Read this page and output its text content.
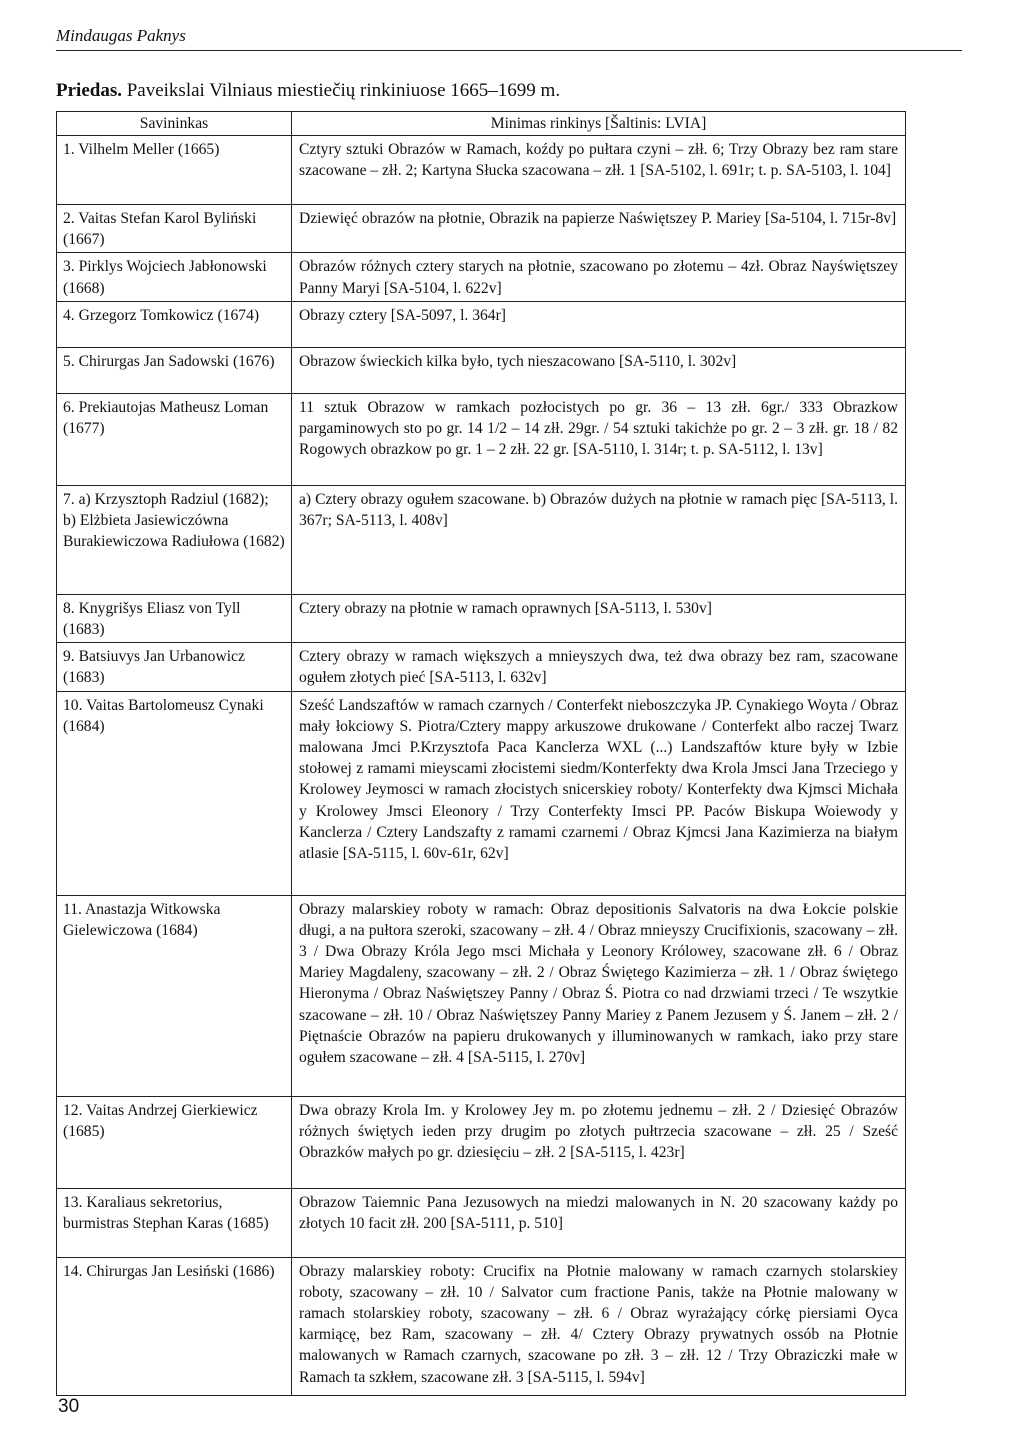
Mindaugas Paknys
Priedas. Paveikslai Vilniaus miestiečių rinkiniuose 1665–1699 m.
Savininkas	Minimas rinkinys [Šaltinis: LVIA]
1. Vilhelm Meller (1665)	Cztyry sztuki Obrazów w Ramach, koźdy po pułtara czyni – złł. 6; Trzy Obrazy bez ram stare szacowane – złł. 2; Kartyna Słucka szacowana – złł. 1 [SA-5102, l. 691r; t. p. SA-5103, l. 104]
2. Vaitas Stefan Karol Byliński (1667)	Dziewięć obrazów na płotnie, Obrazik na papierze Naświętszey P. Mariey [Sa-5104, l. 715r-8v]
3. Pirklys Wojciech Jabłonowski (1668)	Obrazów różnych cztery starych na płotnie, szacowano po złotemu – 4zł. Obraz Nayświętszey Panny Maryi [SA-5104, l. 622v]
4. Grzegorz Tomkowicz (1674)	Obrazy cztery [SA-5097, l. 364r]
5. Chirurgas Jan Sadowski (1676)	Obrazow świeckich kilka było, tych nieszacowano [SA-5110, l. 302v]
6. Prekiautojas Matheusz Loman (1677)	11 sztuk Obrazow w ramkach pozłocistych po gr. 36 – 13 złł. 6gr./ 333 Obrazkow pargaminowych sto po gr. 14 1/2 – 14 złł. 29gr. / 54 sztuki takichże po gr. 2 – 3 złł. gr. 18 / 82 Rogowych obrazkow po gr. 1 – 2 złł. 22 gr. [SA-5110, l. 314r; t. p. SA-5112, l. 13v]
7. a) Krzysztoph Radziul (1682); b) Elżbieta Jasiewiczówna Burakiewiczowa Radiułowa (1682)	a) Cztery obrazy ogułem szacowane. b) Obrazów dużych na płotnie w ramach pięc [SA-5113, l. 367r; SA-5113, l. 408v]
8. Knygrišys Eliasz von Tyll (1683)	Cztery obrazy na płotnie w ramach oprawnych [SA-5113, l. 530v]
9. Batsiuvys Jan Urbanowicz (1683)	Cztery obrazy w ramach większych a mnieyszych dwa, też dwa obrazy bez ram, szacowane ogułem złotych pieć [SA-5113, l. 632v]
10. Vaitas Bartolomeusz Cynaki (1684)	Sześć Landszaftów w ramach czarnych / Conterfekt nieboszczyka JP. Cynakiego Woyta / Obraz mały łokciowy S. Piotra/Cztery mappy arkuszowe drukowane / Conterfekt albo raczej Twarz malowana Jmci P.Krzysztofa Paca Kanclerza WXL (...) Landszaftów kture były w Izbie stołowej z ramami mieyscami złocistemi siedm/Konterfekty dwa Krola Jmsci Jana Trzeciego y Krolowey Jeymosci w ramach złocistych snicerskiey roboty/ Konterfekty dwa Kjmsci Michała y Krolowey Jmsci Eleonory / Trzy Conterfekty Imsci PP. Paców Biskupa Woiewody y Kanclerza / Cztery Landszafty z ramami czarnemi / Obraz Kjmcsi Jana Kazimierza na białym atlasie [SA-5115, l. 60v-61r, 62v]
11. Anastazja Witkowska Gielewiczowa (1684)	Obrazy malarskiey roboty w ramach: Obraz depositionis Salvatoris na dwa Łokcie polskie długi, a na pułtora szeroki, szacowany – złł. 4 / Obraz mnieyszy Crucifixionis, szacowany – złł. 3 / Dwa Obrazy Króla Jego msci Michała y Leonory Królowey, szacowane złł. 6 / Obraz Mariey Magdaleny, szacowany – złł. 2 / Obraz Świętego Kazimierza – złł. 1 / Obraz świętego Hieronyma / Obraz Naświętszey Panny / Obraz Ś. Piotra co nad drzwiami trzeci / Te wszytkie szacowane – złł. 10 / Obraz Naświętszey Panny Mariey z Panem Jezusem y Ś. Janem – złł. 2 / Piętnaście Obrazów na papieru drukowanych y illuminowanych w ramkach, iako przy stare ogułem szacowane – złł. 4 [SA-5115, l. 270v]
12. Vaitas Andrzej Gierkiewicz (1685)	Dwa obrazy Krola Im. y Krolowey Jey m. po złotemu jednemu – złł. 2 / Dziesięć Obrazów różnych świętych ieden przy drugim po złotych pułtrzecia szacowane – złł. 25 / Sześć Obrazków małych po gr. dziesięciu – złł. 2 [SA-5115, l. 423r]
13. Karaliaus sekretorius, burmistras Stephan Karas (1685)	Obrazow Taiemnic Pana Jezusowych na miedzi malowanych in N. 20 szacowany każdy po złotych 10 facit złł. 200 [SA-5111, p. 510]
14. Chirurgas Jan Lesiński (1686)	Obrazy malarskiey roboty: Crucifix na Płotnie malowany w ramach czarnych stolarskiey roboty, szacowany – złł. 10 / Salvator cum fractione Panis, także na Płotnie malowany w ramach stolarskiey roboty, szacowany – złł. 6 / Obraz wyrażający córkę piersiami Oyca karmiącę, bez Ram, szacowany – złł. 4/ Cztery Obrazy prywatnych ossób na Płotnie malowanych w Ramach czarnych, szacowane po złł. 3 – złł. 12 / Trzy Obraziczki małe w Ramach ta szkłem, szacowane złł. 3 [SA-5115, l. 594v]
30
